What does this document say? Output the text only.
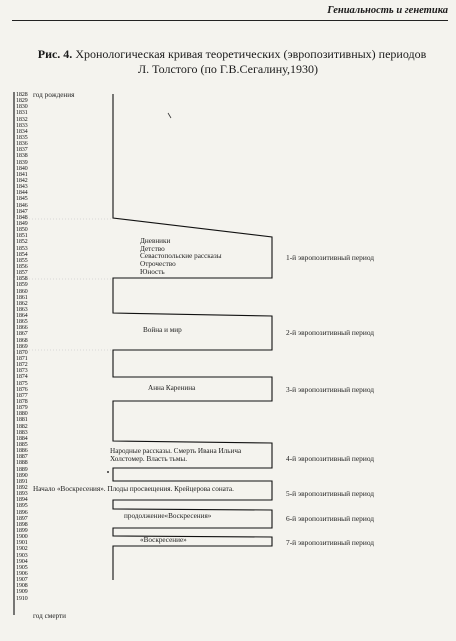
Гениальность и генетика
Рис. 4. Хронологическая кривая теоретических (эвропозитивных) периодов
Л. Толстого (по Г.В.Сегалину,1930)
1828
1829
1830
1831
1832
1833
1834
1835
1836
1837
1838
1839
1840
1841
1842
1843
1844
1845
1846
1847
1848
1849
1850
1851
1852
1853
1854
1855
1856
1857
1858
1859
1860
1861
1862
1863
1864
1865
1866
1867
1868
1869
1870
1871
1872
1873
1874
1875
1876
1877
1878
1879
1880
1881
1882
1883
1884
1885
1886
1887
1888
1889
1890
1891
1892
1893
1894
1895
1896
1897
1898
1899
1900
1901
1902
1903
1904
1905
1906
1907
1908
1909
1910
год рождения
год смерти
Дневники
Детство
Севастопольские рассказы
Отрочество
Юность
Война и мир
Анна Каренина
Народные рассказы. Смерть Ивана Ильича
Холстомер. Власть тьмы.
Начало «Воскресения». Плоды просвещения. Крейцерова соната.
продолжение«Воскресения»
«Воскресение»
1-й эвропозитивный период
2-й эвропозитивный период
3-й эвропозитивный период
4-й эвропозитивный период
5-й эвропозитивный период
6-й эвропозитивный период
7-й эвропозитивный период
